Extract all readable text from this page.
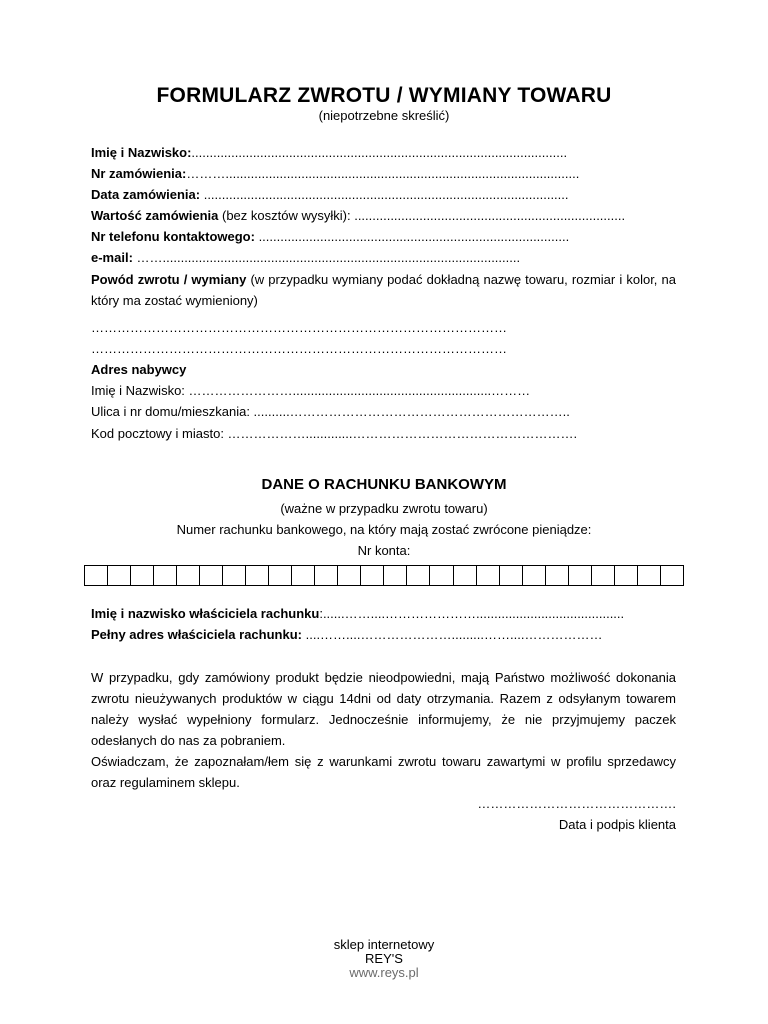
FORMULARZ ZWROTU / WYMIANY TOWARU
(niepotrzebne skreślić)
Imię i Nazwisko:........................................................................................................
Nr zamówienia:………..................................................................................................
Data zamówienia: .....................................................................................................
Wartość zamówienia (bez kosztów wysyłki): ...........................................................................
Nr telefonu kontaktowego: ......................................................................................
e-mail: ……...................................................................................................
Powód zwrotu / wymiany (w przypadku wymiany podać dokładną nazwę towaru, rozmiar i kolor, na który ma zostać wymieniony)
……………………………………………………………………………………
……………………………………………………………………………………
Adres nabywcy
Imię i Nazwisko: …………………….......................................................………
Ulica i nr domu/mieszkania: ..........………………………………………………………..
Kod pocztowy i miasto: ……………….............…………………………………………….
DANE O RACHUNKU BANKOWYM
(ważne w przypadku zwrotu towaru)
Numer rachunku bankowego, na który mają zostać zwrócone pieniądze:
Nr konta:
Imię i nazwisko właściciela rachunku:......……....………………….........................................
Pełny adres właściciela rachunku: ....……....………………….........……....………………
W przypadku, gdy zamówiony produkt będzie nieodpowiedni, mają Państwo możliwość dokonania zwrotu nieużywanych produktów w ciągu 14dni od daty otrzymania. Razem z odsyłanym towarem należy wysłać wypełniony formularz. Jednocześnie informujemy, że nie przyjmujemy paczek odesłanych do nas za pobraniem.
Oświadczam, że zapoznałam/łem się z warunkami zwrotu towaru zawartymi w profilu sprzedawcy oraz regulaminem sklepu.
……………………………………….
Data i podpis klienta
sklep internetowy
REY'S
www.reys.pl
